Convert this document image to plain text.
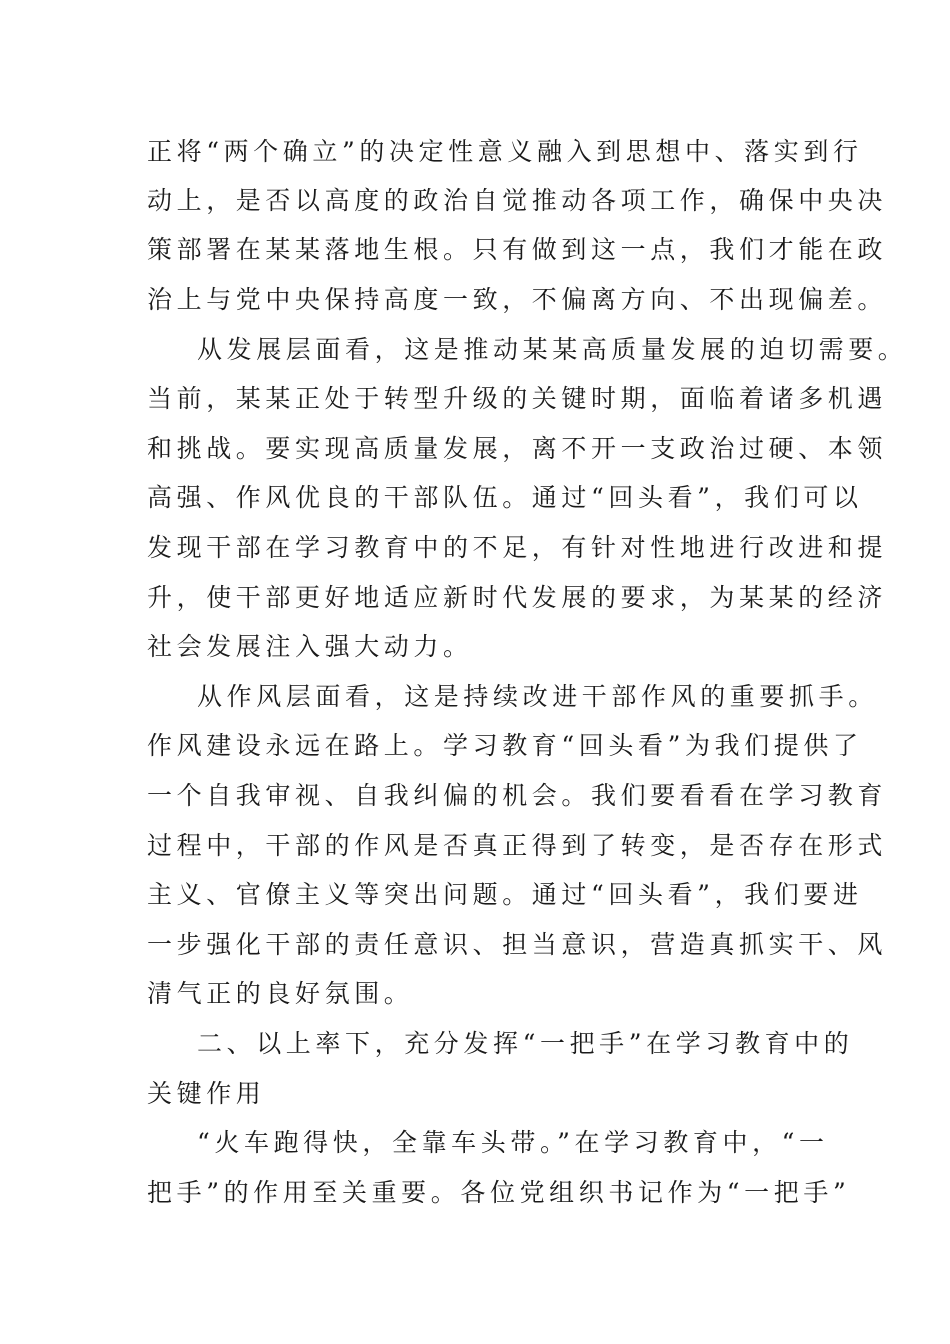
正将“两个确立”的决定性意义融入到思想中、落实到行
动上，是否以高度的政治自觉推动各项工作，确保中央决
策部署在某某落地生根。只有做到这一点，我们才能在政
治上与党中央保持高度一致，不偏离方向、不出现偏差。
从发展层面看，这是推动某某高质量发展的迫切需要。
当前，某某正处于转型升级的关键时期，面临着诸多机遇
和挑战。要实现高质量发展，离不开一支政治过硬、本领
高强、作风优良的干部队伍。通过“回头看”，我们可以
发现干部在学习教育中的不足，有针对性地进行改进和提
升，使干部更好地适应新时代发展的要求，为某某的经济
社会发展注入强大动力。
从作风层面看，这是持续改进干部作风的重要抓手。
作风建设永远在路上。学习教育“回头看”为我们提供了
一个自我审视、自我纠偏的机会。我们要看看在学习教育
过程中，干部的作风是否真正得到了转变，是否存在形式
主义、官僚主义等突出问题。通过“回头看”，我们要进
一步强化干部的责任意识、担当意识，营造真抓实干、风
清气正的良好氛围。
二、以上率下，充分发挥“一把手”在学习教育中的
关键作用
“火车跑得快，全靠车头带。”在学习教育中，“一
把手”的作用至关重要。各位党组织书记作为“一把手”
